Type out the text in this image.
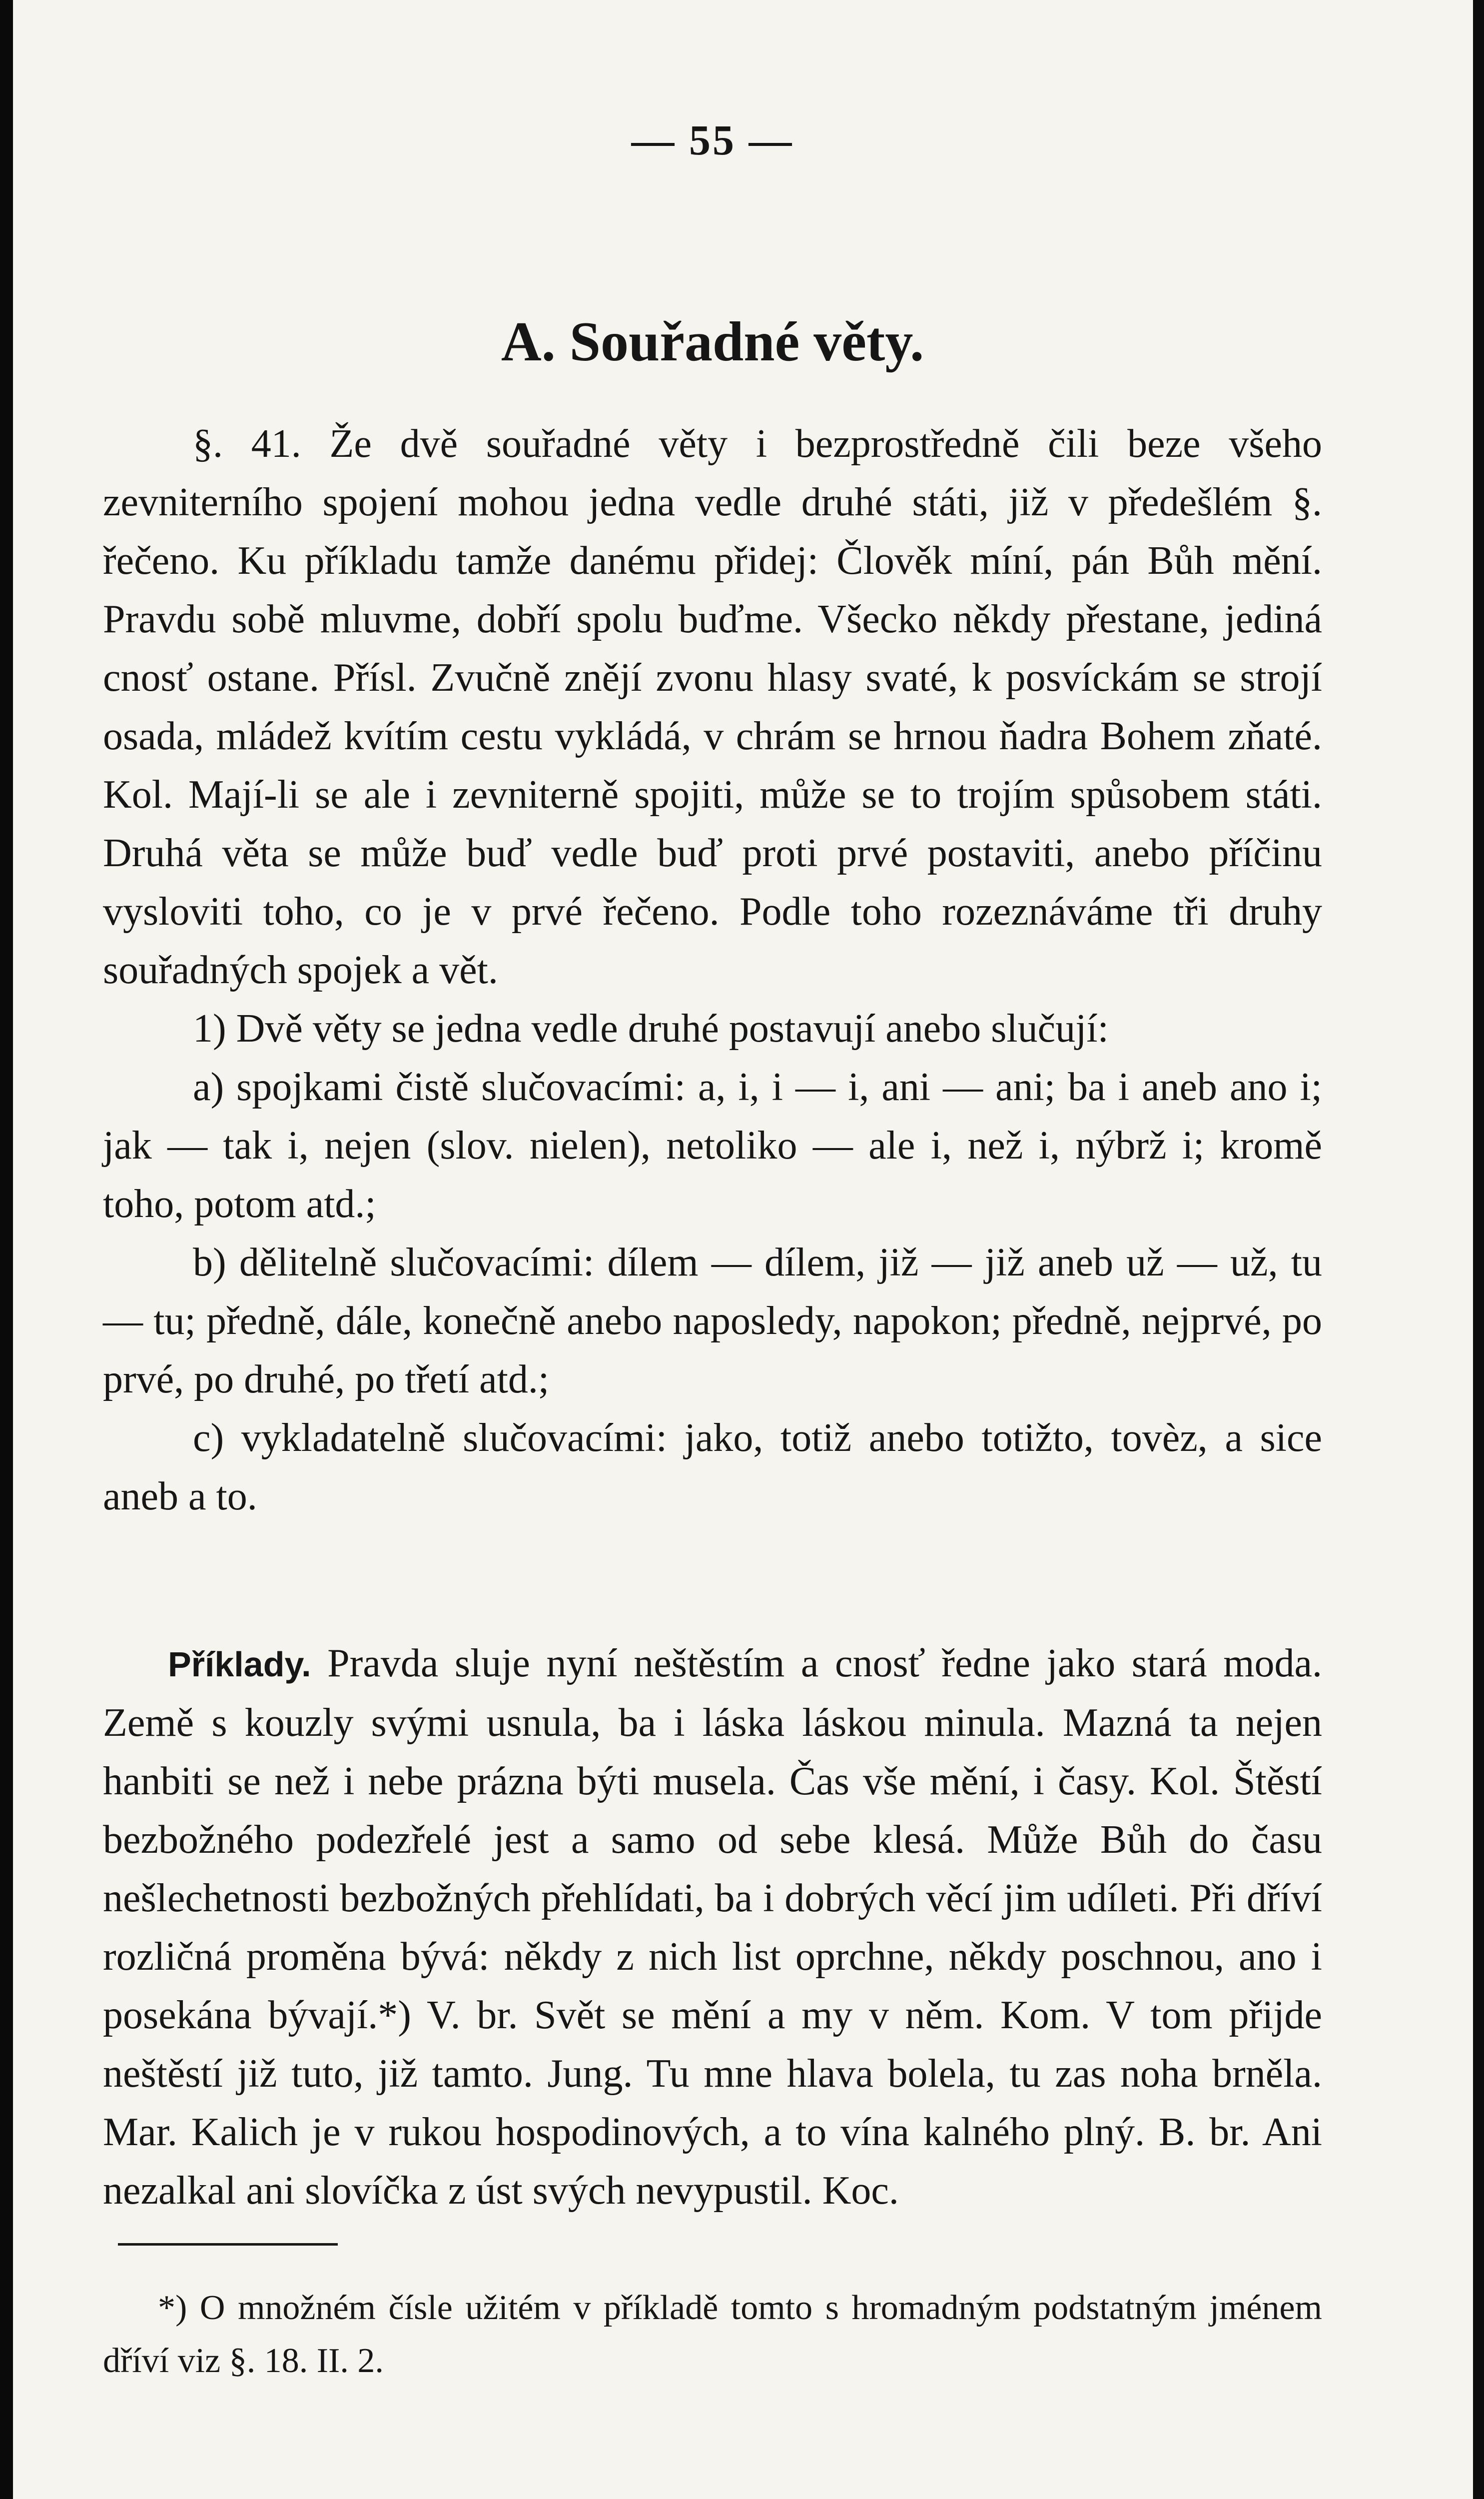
— 55 —
A. Souřadné věty.

§. 41. Že dvě souřadné věty i bezprostředně čili beze všeho zevniterního spojení mohou jedna vedle druhé státi, již v předešlém §. řečeno. Ku příkladu tamže danému přidej: Člověk míní, pán Bůh mění. Pravdu sobě mluvme, dobří spolu buďme. Všecko někdy přestane, jediná cnosť ostane. Přísl. Zvučně znějí zvonu hlasy svaté, k posvíckám se strojí osada, mládež kvítím cestu vykládá, v chrám se hrnou ňadra Bohem zňaté. Kol. Mají-li se ale i zevniterně spojiti, může se to trojím spůsobem státi. Druhá věta se může buď vedle buď proti prvé postaviti, anebo příčinu vysloviti toho, co je v prvé řečeno. Podle toho rozeznáváme tři druhy souřadných spojek a vět.

1) Dvě věty se jedna vedle druhé postavují anebo slučují:

a) spojkami čistě slučovacími: a, i, i — i, ani — ani; ba i aneb ano i; jak — tak i, nejen (slov. nielen), netoliko — ale i, než i, nýbrž i; kromě toho, potom atd.;

b) dělitelně slučovacími: dílem — dílem, již — již aneb už — už, tu — tu; předně, dále, konečně anebo naposledy, napokon; předně, nejprvé, po prvé, po druhé, po třetí atd.;

c) vykladatelně slučovacími: jako, totiž anebo totižto, tovèz, a sice aneb a to.

Příklady. Pravda sluje nyní neštěstím a cnosť ředne jako stará moda. Země s kouzly svými usnula, ba i láska láskou minula. Mazná ta nejen hanbiti se než i nebe prázna býti musela. Čas vše mění, i časy. Kol. Štěstí bezbožného podezřelé jest a samo od sebe klesá. Může Bůh do času nešlechetnosti bezbožných přehlídati, ba i dobrých věcí jim udíleti. Při dříví rozličná proměna bývá: někdy z nich list oprchne, někdy poschnou, ano i posekána bývají.*) V. br. Svět se mění a my v něm. Kom. V tom přijde neštěstí již tuto, již tamto. Jung. Tu mne hlava bolela, tu zas noha brněla. Mar. Kalich je v rukou hospodinových, a to vína kalného plný. B. br. Ani nezalkal ani slovíčka z úst svých nevypustil. Koc.

*) O množném čísle užitém v příkladě tomto s hromadným podstatným jménem dříví viz §. 18. II. 2.
